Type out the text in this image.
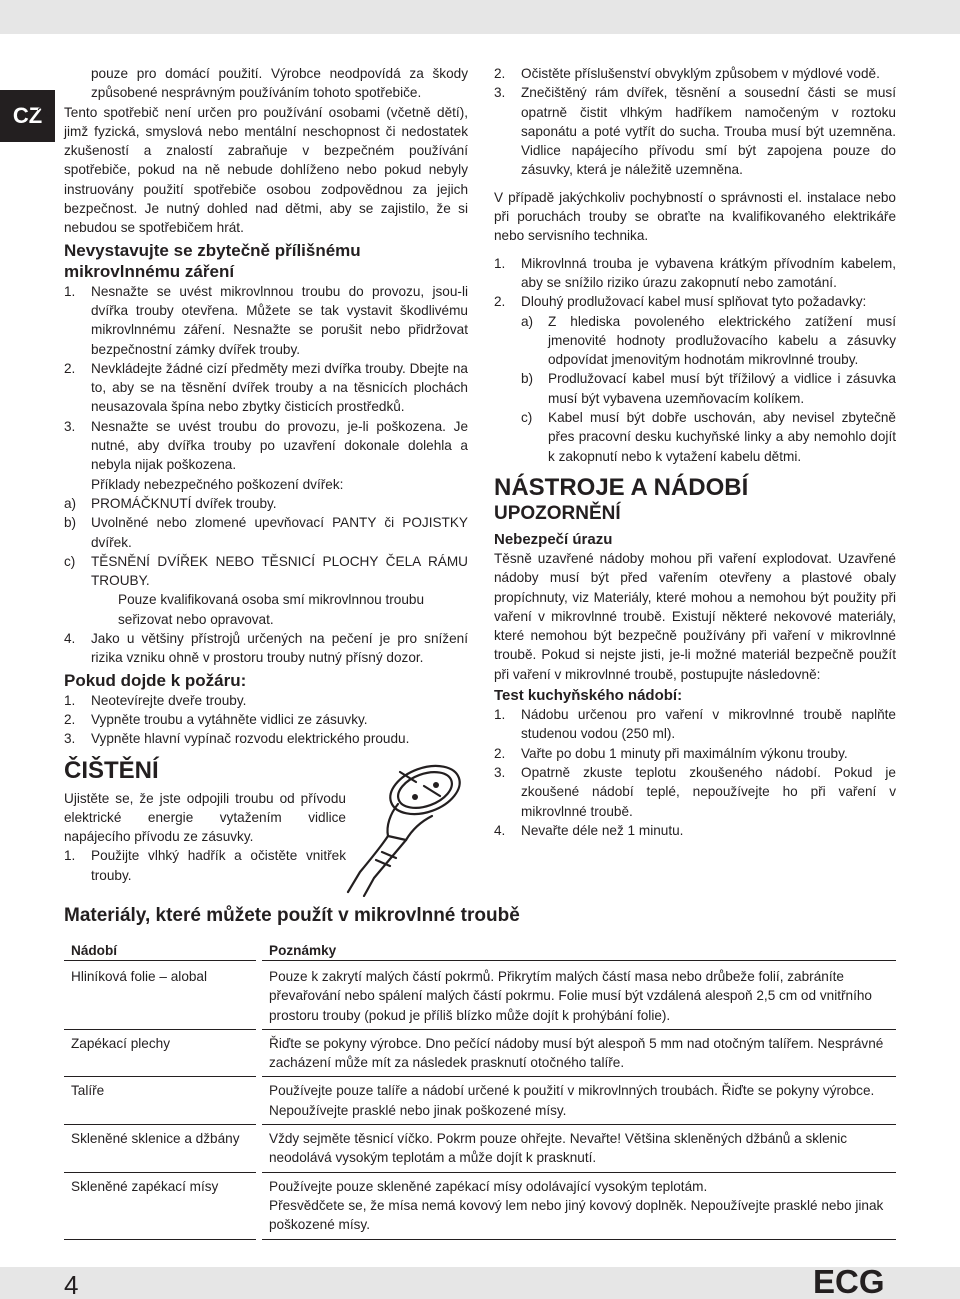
CZ
pouze pro domácí použití. Výrobce neodpovídá za škody způsobené nesprávným používáním tohoto spotřebiče.
20. Tento spotřebič není určen pro používání osobami (včetně dětí), jimž fyzická, smyslová nebo mentální neschopnost či nedostatek zkušeností a znalostí zabraňuje v bezpečném používání spotřebiče, pokud na ně nebude dohlíženo nebo pokud nebyly instruovány použití spotřebiče osobou zodpovědnou za jejich bezpečnost. Je nutný dohled nad dětmi, aby se zajistilo, že si nebudou se spotřebičem hrát.
Nevystavujte se zbytečně přílišnému mikrovlnnému záření
1.	Nesnažte se uvést mikrovlnnou troubu do provozu, jsou-li dvířka trouby otevřena. Můžete se tak vystavit škodlivému mikrovlnnému záření. Nesnažte se porušit nebo přidržovat bezpečnostní zámky dvířek trouby.
2.	Nevkládejte žádné cizí předměty mezi dvířka trouby. Dbejte na to, aby se na těsnění dvířek trouby a na těsnicích plochách neusazovala špína nebo zbytky čisticích prostředků.
3.	Nesnažte se uvést troubu do provozu, je-li poškozena. Je nutné, aby dvířka trouby po uzavření dokonale dolehla a nebyla nijak poškozena.
Příklady nebezpečného poškození dvířek:
a)	PROMÁČKNUTÍ dvířek trouby.
b)	Uvolněné nebo zlomené upevňovací PANTY či POJISTKY dvířek.
c)	TĚSNĚNÍ DVÍŘEK NEBO TĚSNICÍ PLOCHY ČELA RÁMU TROUBY.
Pouze kvalifikovaná osoba smí mikrovlnnou troubu seřizovat nebo opravovat.
4.	Jako u většiny přístrojů určených na pečení je pro snížení rizika vzniku ohně v prostoru trouby nutný přísný dozor.
Pokud dojde k požáru:
1.	Neotevírejte dveře trouby.
2.	Vypněte troubu a vytáhněte vidlici ze zásuvky.
3.	Vypněte hlavní vypínač rozvodu elektrického proudu.
ČIŠTĚNÍ

Ujistěte se, že jste odpojili troubu od přívodu elektrické energie vytažením vidlice napájecího přívodu ze zásuvky.

1.	Použijte vlhký hadřík a očistěte vnitřek trouby.
2.	Očistěte příslušenství obvyklým způsobem v mýdlové vodě.
3.	Znečištěný rám dvířek, těsnění a sousední části se musí opatrně čistit vlhkým hadříkem namočeným v roztoku saponátu a poté vytřít do sucha. Trouba musí být uzemněna. Vidlice napájecího přívodu smí být zapojena pouze do zásuvky, která je náležitě uzemněna.

V případě jakýchkoliv pochybností o správnosti el. instalace nebo při poruchách trouby se obraťte na kvalifikovaného elektrikáře nebo servisního technika.

1.	Mikrovlnná trouba je vybavena krátkým přívodním kabelem, aby se snížilo riziko úrazu zakopnutí nebo zamotání.
2.	Dlouhý prodlužovací kabel musí splňovat tyto požadavky:
a)	Z hlediska povoleného elektrického zatížení musí jmenovité hodnoty prodlužovacího kabelu a zásuvky odpovídat jmenovitým hodnotám mikrovlnné trouby.
b)	Prodlužovací kabel musí být třížilový a vidlice i zásuvka musí být vybavena uzemňovacím kolíkem.
c)	Kabel musí být dobře uschován, aby nevisel zbytečně přes pracovní desku kuchyňské linky a aby nemohlo dojít k zakopnutí nebo k vytažení kabelu dětmi.
NÁSTROJE A NÁDOBÍ
UPOZORNĚNÍ
Nebezpečí úrazu

Těsně uzavřené nádoby mohou při vaření explodovat. Uzavřené nádoby musí být před vařením otevřeny a plastové obaly propíchnuty, viz Materiály, které mohou a nemohou být použity při vaření v mikrovlnné troubě. Existují některé nekovové materiály, které nemohou být bezpečně používány při vaření v mikrovlnné troubě. Pokud si nejste jisti, je-li možné materiál bezpečně použít při vaření v mikrovlnné troubě, postupujte následovně:

Test kuchyňského nádobí:
1.	Nádobu určenou pro vaření v mikrovlnné troubě naplňte studenou vodou (250 ml).
2.	Vařte po dobu 1 minuty při maximálním výkonu trouby.
3.	Opatrně zkuste teplotu zkoušeného nádobí. Pokud je zkoušené nádobí teplé, nepoužívejte ho při vaření v mikrovlnné troubě.
4.	Nevařte déle než 1 minutu.
Materiály, které můžete použít v mikrovlnné troubě
Nádobí	Poznámky
Hliníková folie – alobal	Pouze k zakrytí malých částí pokrmů. Přikrytím malých částí masa nebo drůbeže folií, zabráníte převařování nebo spálení malých částí pokrmu. Folie musí být vzdálená alespoň 2,5 cm od vnitřního prostoru trouby (pokud je příliš blízko může dojít k prohýbání folie).
Zapékací plechy	Řiďte se pokyny výrobce. Dno pečící nádoby musí být alespoň 5 mm nad otočným talířem. Nesprávné zacházení může mít za následek prasknutí otočného talíře.
Talíře	Používejte pouze talíře a nádobí určené k použití v mikrovlnných troubách. Řiďte se pokyny výrobce. Nepoužívejte prasklé nebo jinak poškozené mísy.
Skleněné sklenice a džbány	Vždy sejměte těsnicí víčko. Pokrm pouze ohřejte. Nevařte! Většina skleněných džbánů a sklenic neodolává vysokým teplotám a může dojít k prasknutí.
Skleněné zapékací mísy	Používejte pouze skleněné zapékací mísy odolávající vysokým teplotám.
Přesvědčete se, že mísa nemá kovový lem nebo jiný kovový doplněk. Nepoužívejte prasklé nebo jinak poškozené mísy.
4	ECG
